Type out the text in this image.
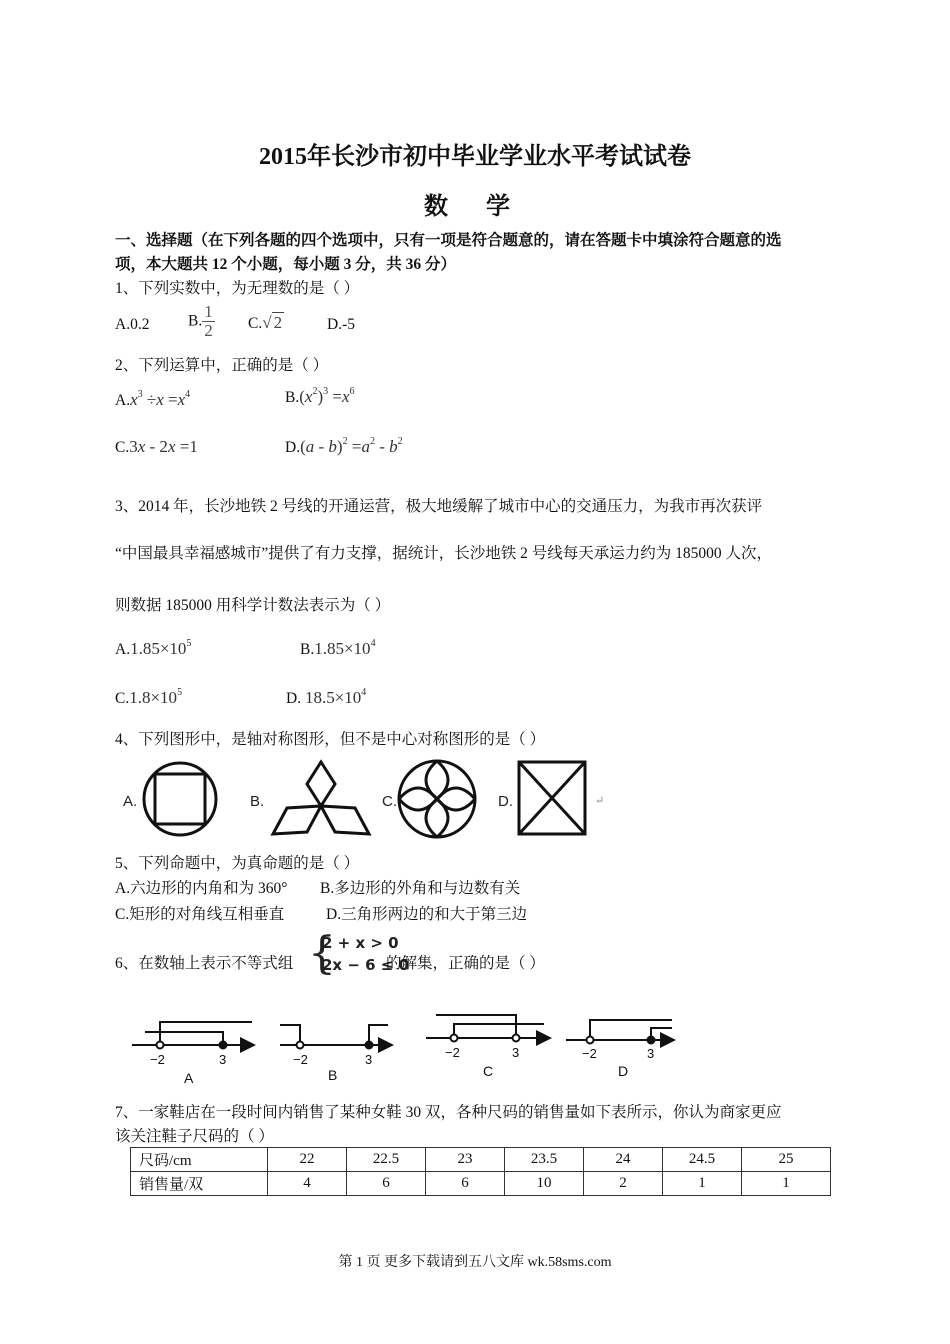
2015年长沙市初中毕业学业水平考试试卷
数 学
一、选择题（在下列各题的四个选项中，只有一项是符合题意的，请在答题卡中填涂符合题意的选
项，本大题共 12 个小题，每小题 3 分，共 36 分）
1、下列实数中，为无理数的是（ ）
A.0.2 B. $\frac{1}{2} C.√$ 2	D.-5
2、下列运算中，正确的是（ ）
$A.x^3 \div x =x^4$	$B.(x^2)^3 =x^6$
C.3x - 2x =1	$D.(a - b)^2 =a^2 - b^2$
3、2014 年，长沙地铁 2 号线的开通运营，极大地缓解了城市中心的交通压力，为我市再次获评
“中国最具幸福感城市”提供了有力支撑，据统计，长沙地铁 2 号线每天承运力约为 185000 人次，
则数据 185000 用科学计数法表示为（ ）
$A.1.85\times 10^5$	$B.1.85\times 10^4$
$C.1.8\times 10^5$	D. $18.5\times 10^4$
4、下列图形中，是轴对称图形，但不是中心对称图形的是（ ）
A.	B.	C.	D.	↵
5、下列命题中，为真命题的是（ ）
A.六边形的内角和为 360° B.多边形的外角和与边数有关
C.矩形的对角线互相垂直	D.三角形两边的和大于第三边
6、在数轴上表示不等式组 {
2 + x > 0
2x − 6 ≤ 0
的解集，正确的是（ ）
−2	3
A
−2	3
B
−2	3
C
−2	3
D
7、一家鞋店在一段时间内销售了某种女鞋 30 双，各种尺码的销售量如下表所示，你认为商家更应
该关注鞋子尺码的（ ）
尺码/cm	22	22.5	23	23.5	24	24.5	25
销售量/双	4	6	6	10	2	1	1
第 1 页 更多下载请到五八文库 wk.58sms.com
